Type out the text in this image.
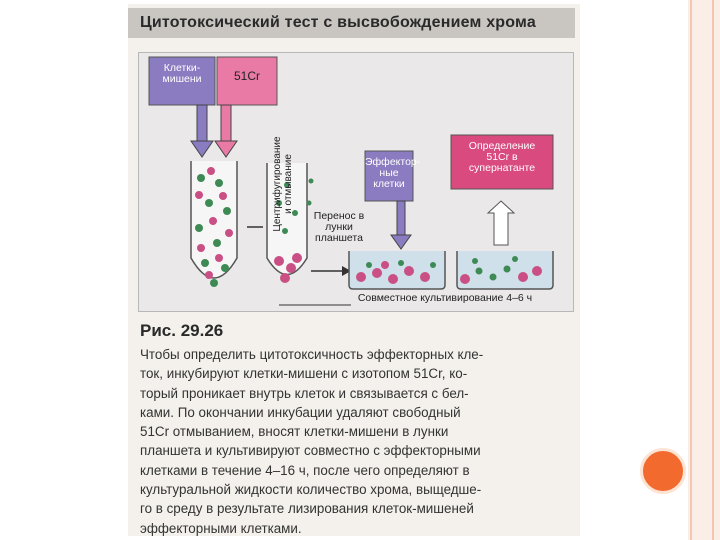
Цитотоксический тест с высвобождением хрома
Клетки-
мишени	51Cr
Центрифугирование
и отмывание
Перенос в
лунки
планшета
Эффектор-
ные
клетки
Определение
51Cr в
супернатанте
Совместное культивирование 4–6 ч
Рис. 29.26
Чтобы определить цитотоксичность эффекторных кле-
ток, инкубируют клетки-мишени с изотопом 51Cr, ко-
торый проникает внутрь клеток и связывается с бел-
ками. По окончании инкубации удаляют свободный
51Cr отмыванием, вносят клетки-мишени в лунки
планшета и культивируют совместно с эффекторными
клетками в течение 4–16 ч, после чего определяют в
культуральной жидкости количество хрома, выщедше-
го в среду в результате лизирования клеток-мишеней
эффекторными клетками.
